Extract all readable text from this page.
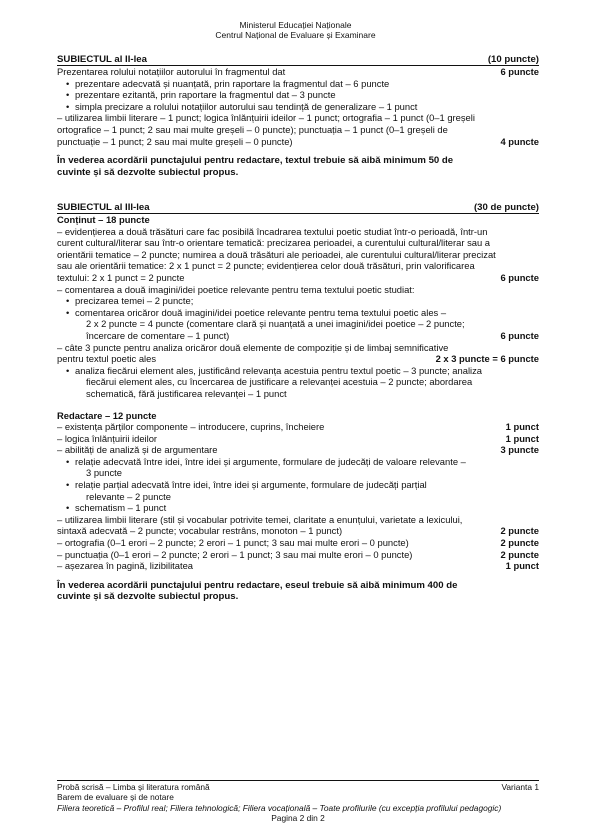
Ministerul Educației Naționale
Centrul Național de Evaluare și Examinare
SUBIECTUL al II-lea	(10 puncte)
Prezentarea rolului notațiilor autorului în fragmentul dat	6 puncte
• prezentare adecvată și nuanțată, prin raportare la fragmentul dat – 6 puncte
• prezentare ezitantă, prin raportare la fragmentul dat – 3 puncte
• simpla precizare a rolului notațiilor autorului sau tendință de generalizare – 1 punct
– utilizarea limbii literare – 1 punct; logica înlănțuirii ideilor – 1 punct; ortografia – 1 punct (0–1 greșeli
ortografice – 1 punct; 2 sau mai multe greșeli – 0 puncte); punctuația – 1 punct (0–1 greșeli de
punctuație – 1 punct; 2 sau mai multe greșeli – 0 puncte)	4 puncte
În vederea acordării punctajului pentru redactare, textul trebuie să aibă minimum 50 de
cuvinte și să dezvolte subiectul propus.
SUBIECTUL al III-lea	(30 de puncte)
Conținut – 18 puncte
– evidențierea a două trăsături care fac posibilă încadrarea textului poetic studiat într-o perioadă, într-un
curent cultural/literar sau într-o orientare tematică: precizarea perioadei, a curentului cultural/literar sau a
orientării tematice – 2 puncte; numirea a două trăsături ale perioadei, ale curentului cultural/literar precizat
sau ale orientării tematice: 2 x 1 punct = 2 puncte; evidențierea celor două trăsături, prin valorificarea
textului: 2 x 1 punct = 2 puncte	6 puncte
– comentarea a două imagini/idei poetice relevante pentru tema textului poetic studiat:
• precizarea temei – 2 puncte;
• comentarea oricăror două imagini/idei poetice relevante pentru tema textului poetic ales –
2 x 2 puncte = 4 puncte (comentare clară și nuanțată a unei imagini/idei poetice – 2 puncte;
încercare de comentare – 1 punct)	6 puncte
– câte 3 puncte pentru analiza oricăror două elemente de compoziție și de limbaj semnificative
pentru textul poetic ales	2 x 3 puncte = 6 puncte
• analiza fiecărui element ales, justificând relevanța acestuia pentru textul poetic – 3 puncte; analiza
fiecărui element ales, cu încercarea de justificare a relevanței acestuia – 2 puncte; abordarea
schematică, fără justificarea relevanței – 1 punct
Redactare – 12 puncte
– existența părților componente – introducere, cuprins, încheiere	1 punct
– logica înlănțuirii ideilor	1 punct
– abilități de analiză și de argumentare	3 puncte
• relație adecvată între idei, între idei și argumente, formulare de judecăți de valoare relevante –
3 puncte
• relație parțial adecvată între idei, între idei și argumente, formulare de judecăți parțial
relevante – 2 puncte
• schematism – 1 punct
– utilizarea limbii literare (stil și vocabular potrivite temei, claritate a enunțului, varietate a lexicului,
sintaxă adecvată – 2 puncte; vocabular restrâns, monoton – 1 punct)	2 puncte
– ortografia (0–1 erori – 2 puncte; 2 erori – 1 punct; 3 sau mai multe erori – 0 puncte)	2 puncte
– punctuația (0–1 erori – 2 puncte; 2 erori – 1 punct; 3 sau mai multe erori – 0 puncte)	2 puncte
– așezarea în pagină, lizibilitatea	1 punct
În vederea acordării punctajului pentru redactare, eseul trebuie să aibă minimum 400 de
cuvinte și să dezvolte subiectul propus.
Probă scrisă – Limba și literatura română	Varianta 1
Barem de evaluare și de notare
Filiera teoretică – Profilul real; Filiera tehnologică; Filiera vocațională – Toate profilurile (cu excepția profilului pedagogic)
Pagina 2 din 2
